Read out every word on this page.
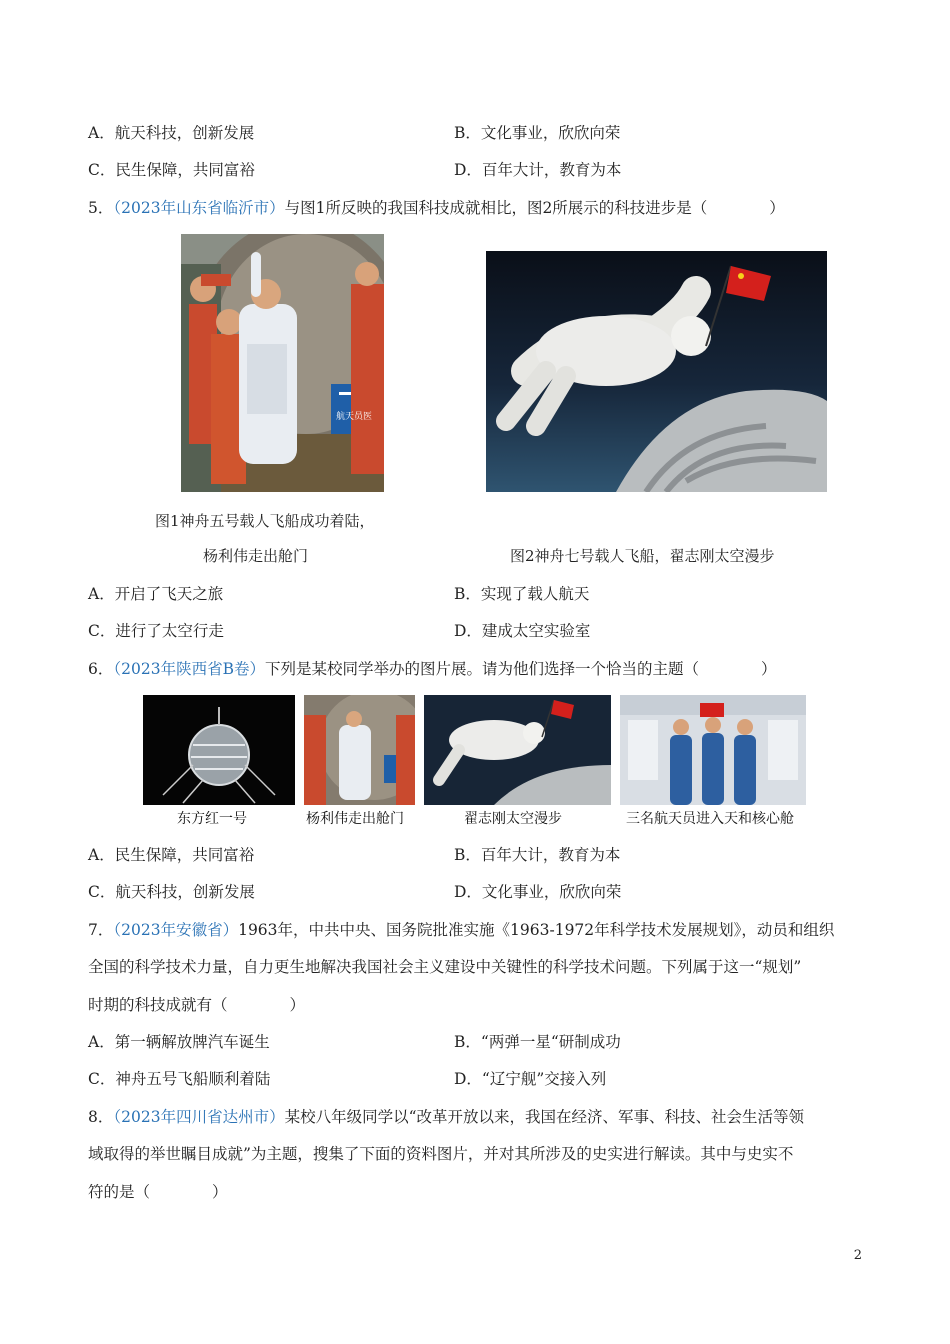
A．航天科技，创新发展	B．文化事业，欣欣向荣
C．民生保障，共同富裕	D．百年大计，教育为本
5．（2023年山东省临沂市）与图1所反映的我国科技成就相比，图2所展示的科技进步是（　　　　）
航天员医
图1神舟五号载人飞船成功着陆，
杨利伟走出舱门	图2神舟七号载人飞船，翟志刚太空漫步
A．开启了飞天之旅	B．实现了载人航天
C．进行了太空行走	D．建成太空实验室
6．（2023年陕西省B卷）下列是某校同学举办的图片展。请为他们选择一个恰当的主题（　　　　）
东方红一号	杨利伟走出舱门	翟志刚太空漫步	三名航天员进入天和核心舱
A．民生保障，共同富裕	B．百年大计，教育为本
C．航天科技，创新发展	D．文化事业，欣欣向荣
7．（2023年安徽省）1963年，中共中央、国务院批准实施《1963-1972年科学技术发展规划》，动员和组织
全国的科学技术力量，自力更生地解决我国社会主义建设中关键性的科学技术问题。下列属于这一“规划”
时期的科技成就有（　　　　）
A．第一辆解放牌汽车诞生	B．“两弹一星“研制成功
C．神舟五号飞船顺利着陆	D．“辽宁舰”交接入列
8．（2023年四川省达州市）某校八年级同学以“改革开放以来，我国在经济、军事、科技、社会生活等领
域取得的举世瞩目成就”为主题，搜集了下面的资料图片，并对其所涉及的史实进行解读。其中与史实不
符的是（　　　　）
2
